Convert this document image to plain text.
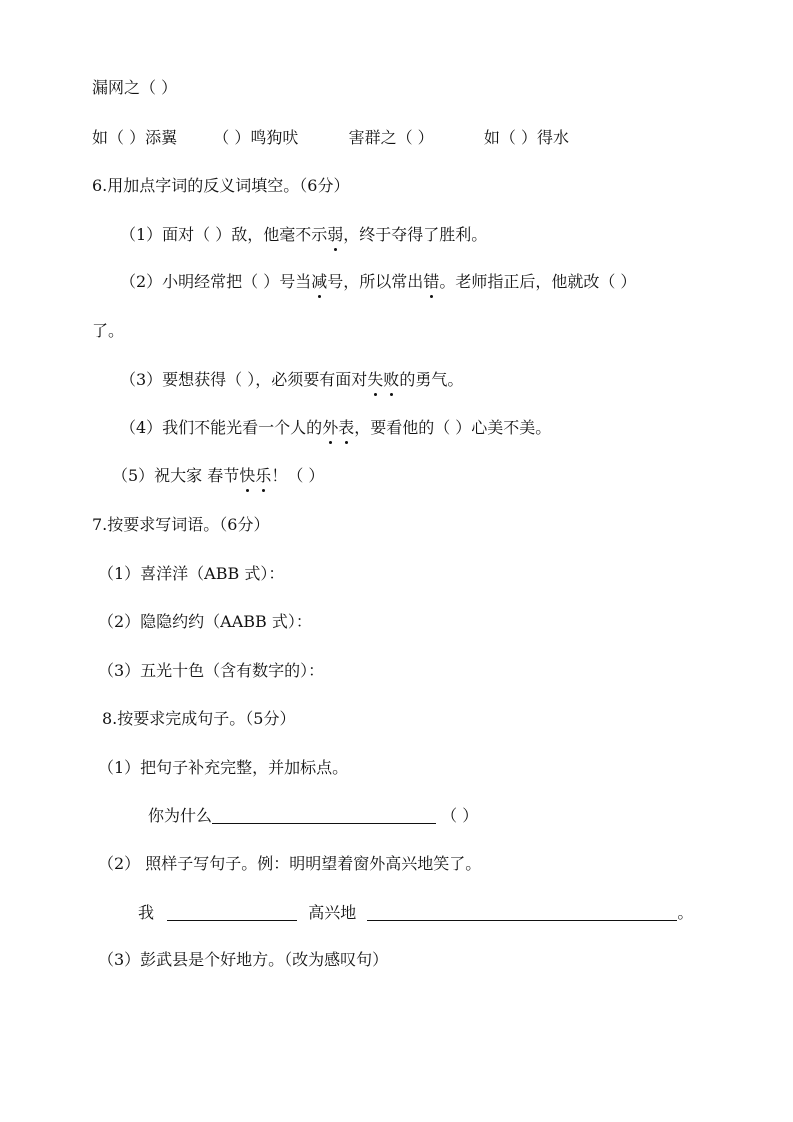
漏网之（ ）
如（ ）添翼 （ ）鸣狗吠	害群之（ ）	如（ ）得水
6.用加点字词的反义词填空。（6分）
（1）面对（ ）敌，他毫不示弱，终于夺得了胜利。
（2）小明经常把（ ）号当减号，所以常出错。老师指正后，他就改（ ）
了。
（3）要想获得（ ），必须要有面对失败的勇气。
（4）我们不能光看一个人的外表，要看他的（ ）心美不美。
（5）祝大家 春节快乐！（ ）
7.按要求写词语。（6分）
（1）喜洋洋（ABB 式）：
（2）隐隐约约（AABB 式）：
（3）五光十色（含有数字的）：
8.按要求完成句子。（5分）
（1）把句子补充完整，并加标点。
你为什么	（ ）
（2） 照样子写句子。例：明明望着窗外高兴地笑了。
我	高兴地	。
（3）彭武县是个好地方。（改为感叹句）
